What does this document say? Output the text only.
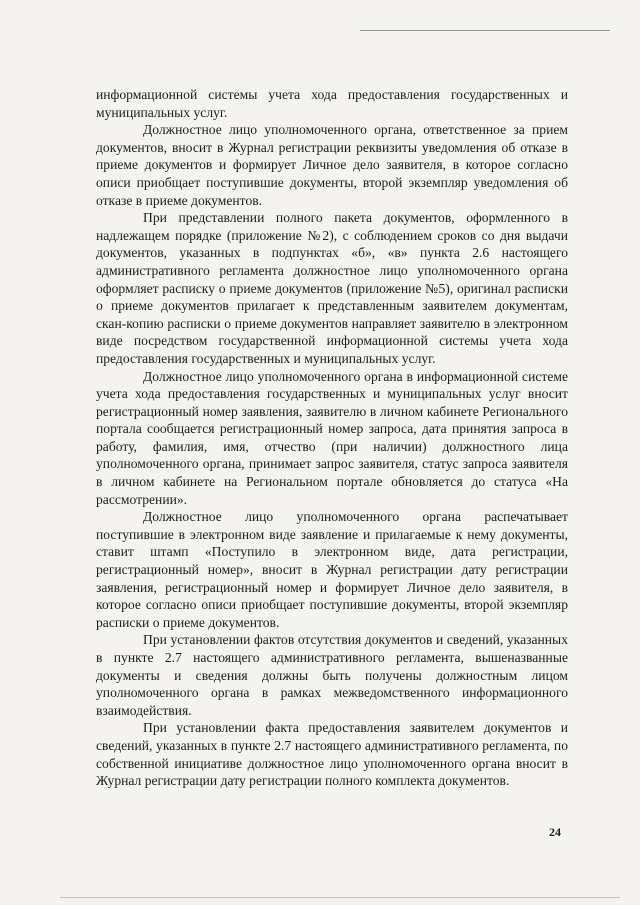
информационной системы учета хода предоставления государственных и муниципальных услуг.

Должностное лицо уполномоченного органа, ответственное за прием документов, вносит в Журнал регистрации реквизиты уведомления об отказе в приеме документов и формирует Личное дело заявителя, в которое согласно описи приобщает поступившие документы, второй экземпляр уведомления об отказе в приеме документов.

При представлении полного пакета документов, оформленного в надлежащем порядке (приложение №2), с соблюдением сроков со дня выдачи документов, указанных в подпунктах «б», «в» пункта 2.6 настоящего административного регламента должностное лицо уполномоченного органа оформляет расписку о приеме документов (приложение №5), оригинал расписки о приеме документов прилагает к представленным заявителем документам, скан-копию расписки о приеме документов направляет заявителю в электронном виде посредством государственной информационной системы учета хода предоставления государственных и муниципальных услуг.

Должностное лицо уполномоченного органа в информационной системе учета хода предоставления государственных и муниципальных услуг вносит регистрационный номер заявления, заявителю в личном кабинете Регионального портала сообщается регистрационный номер запроса, дата принятия запроса в работу, фамилия, имя, отчество (при наличии) должностного лица уполномоченного органа, принимает запрос заявителя, статус запроса заявителя в личном кабинете на Региональном портале обновляется до статуса «На рассмотрении».

Должностное лицо уполномоченного органа распечатывает поступившие в электронном виде заявление и прилагаемые к нему документы, ставит штамп «Поступило в электронном виде, дата регистрации, регистрационный номер», вносит в Журнал регистрации дату регистрации заявления, регистрационный номер и формирует Личное дело заявителя, в которое согласно описи приобщает поступившие документы, второй экземпляр расписки о приеме документов.

При установлении фактов отсутствия документов и сведений, указанных в пункте 2.7 настоящего административного регламента, вышеназванные документы и сведения должны быть получены должностным лицом уполномоченного органа в рамках межведомственного информационного взаимодействия.

При установлении факта предоставления заявителем документов и сведений, указанных в пункте 2.7 настоящего административного регламента, по собственной инициативе должностное лицо уполномоченного органа вносит в Журнал регистрации дату регистрации полного комплекта документов.

24
